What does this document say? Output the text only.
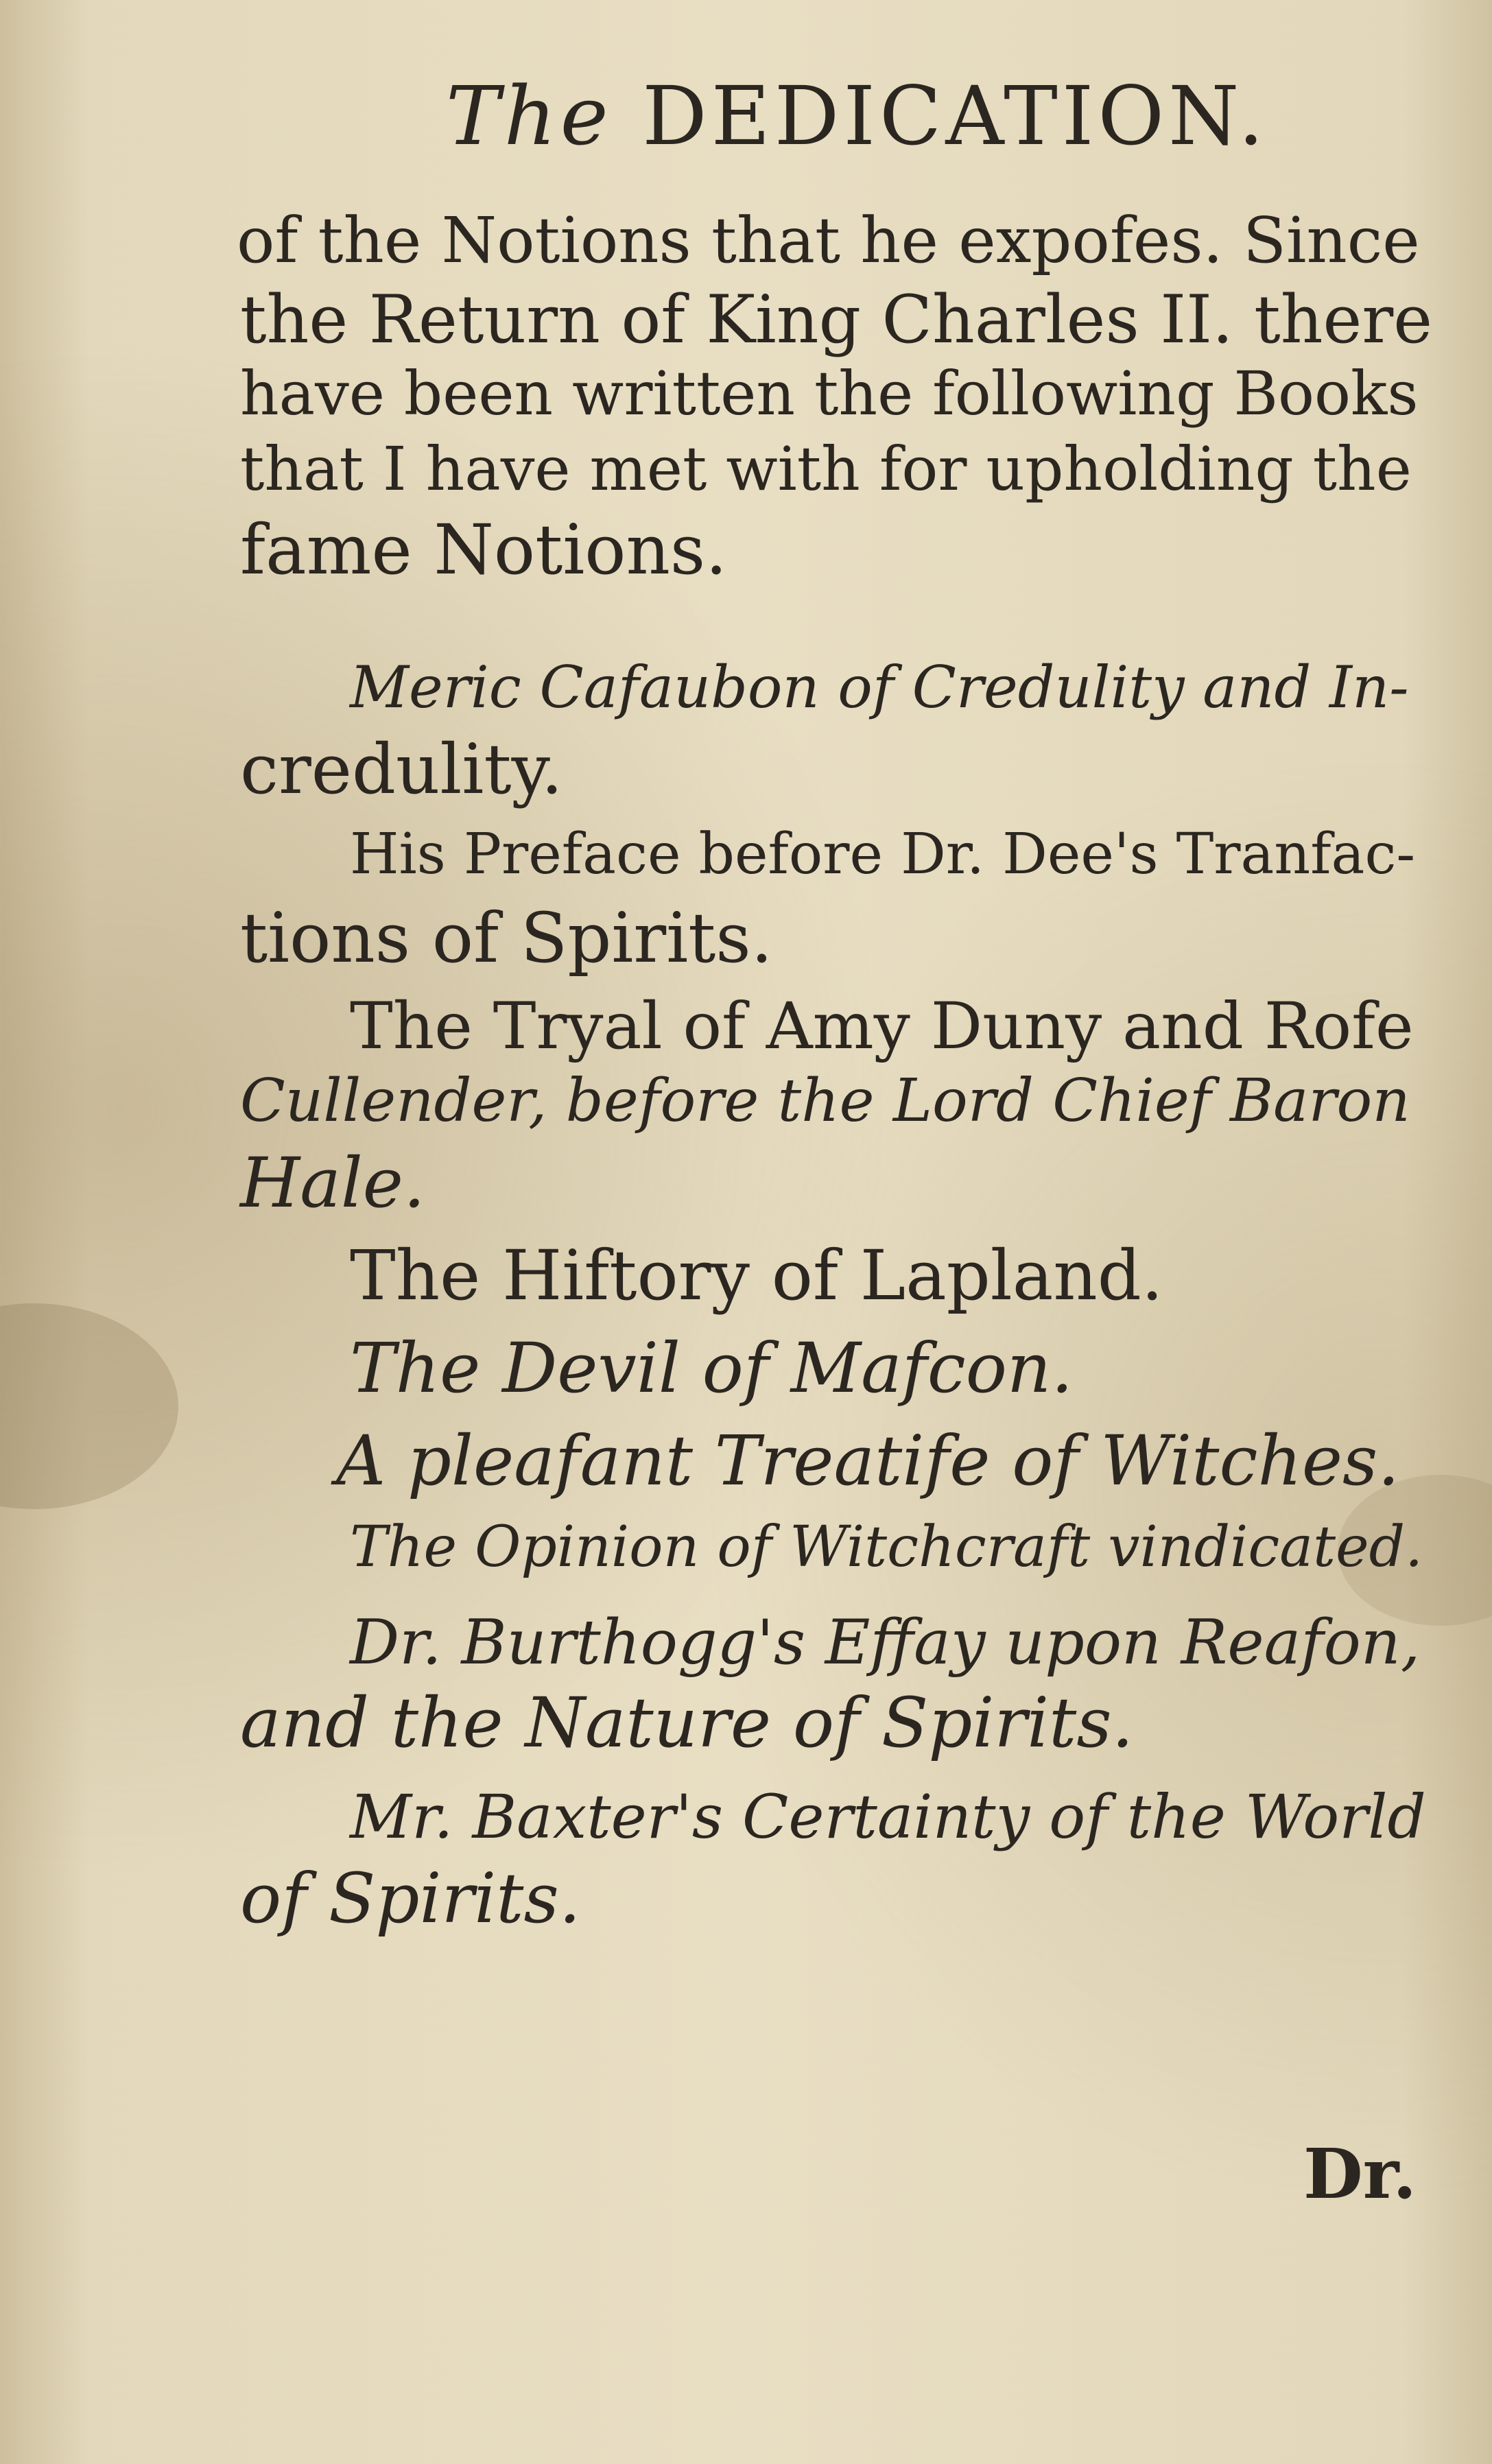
The DEDICATION.
of the Notions that he expofes. Since
the Return of King Charles II. there
have been written the following Books
that I have met with for upholding the
fame Notions.
Meric Cafaubon of Credulity and In-
credulity.
His Preface before Dr. Dee's Tranfac-
tions of Spirits.
The Tryal of Amy Duny and Rofe
Cullender, before the Lord Chief Baron
Hale.
The Hiftory of Lapland.
The Devil of Mafcon.
A pleafant Treatife of Witches.
The Opinion of Witchcraft vindicated.
Dr. Burthogg's Effay upon Reafon,
and the Nature of Spirits.
Mr. Baxter's Certainty of the World
of Spirits.
Dr.
